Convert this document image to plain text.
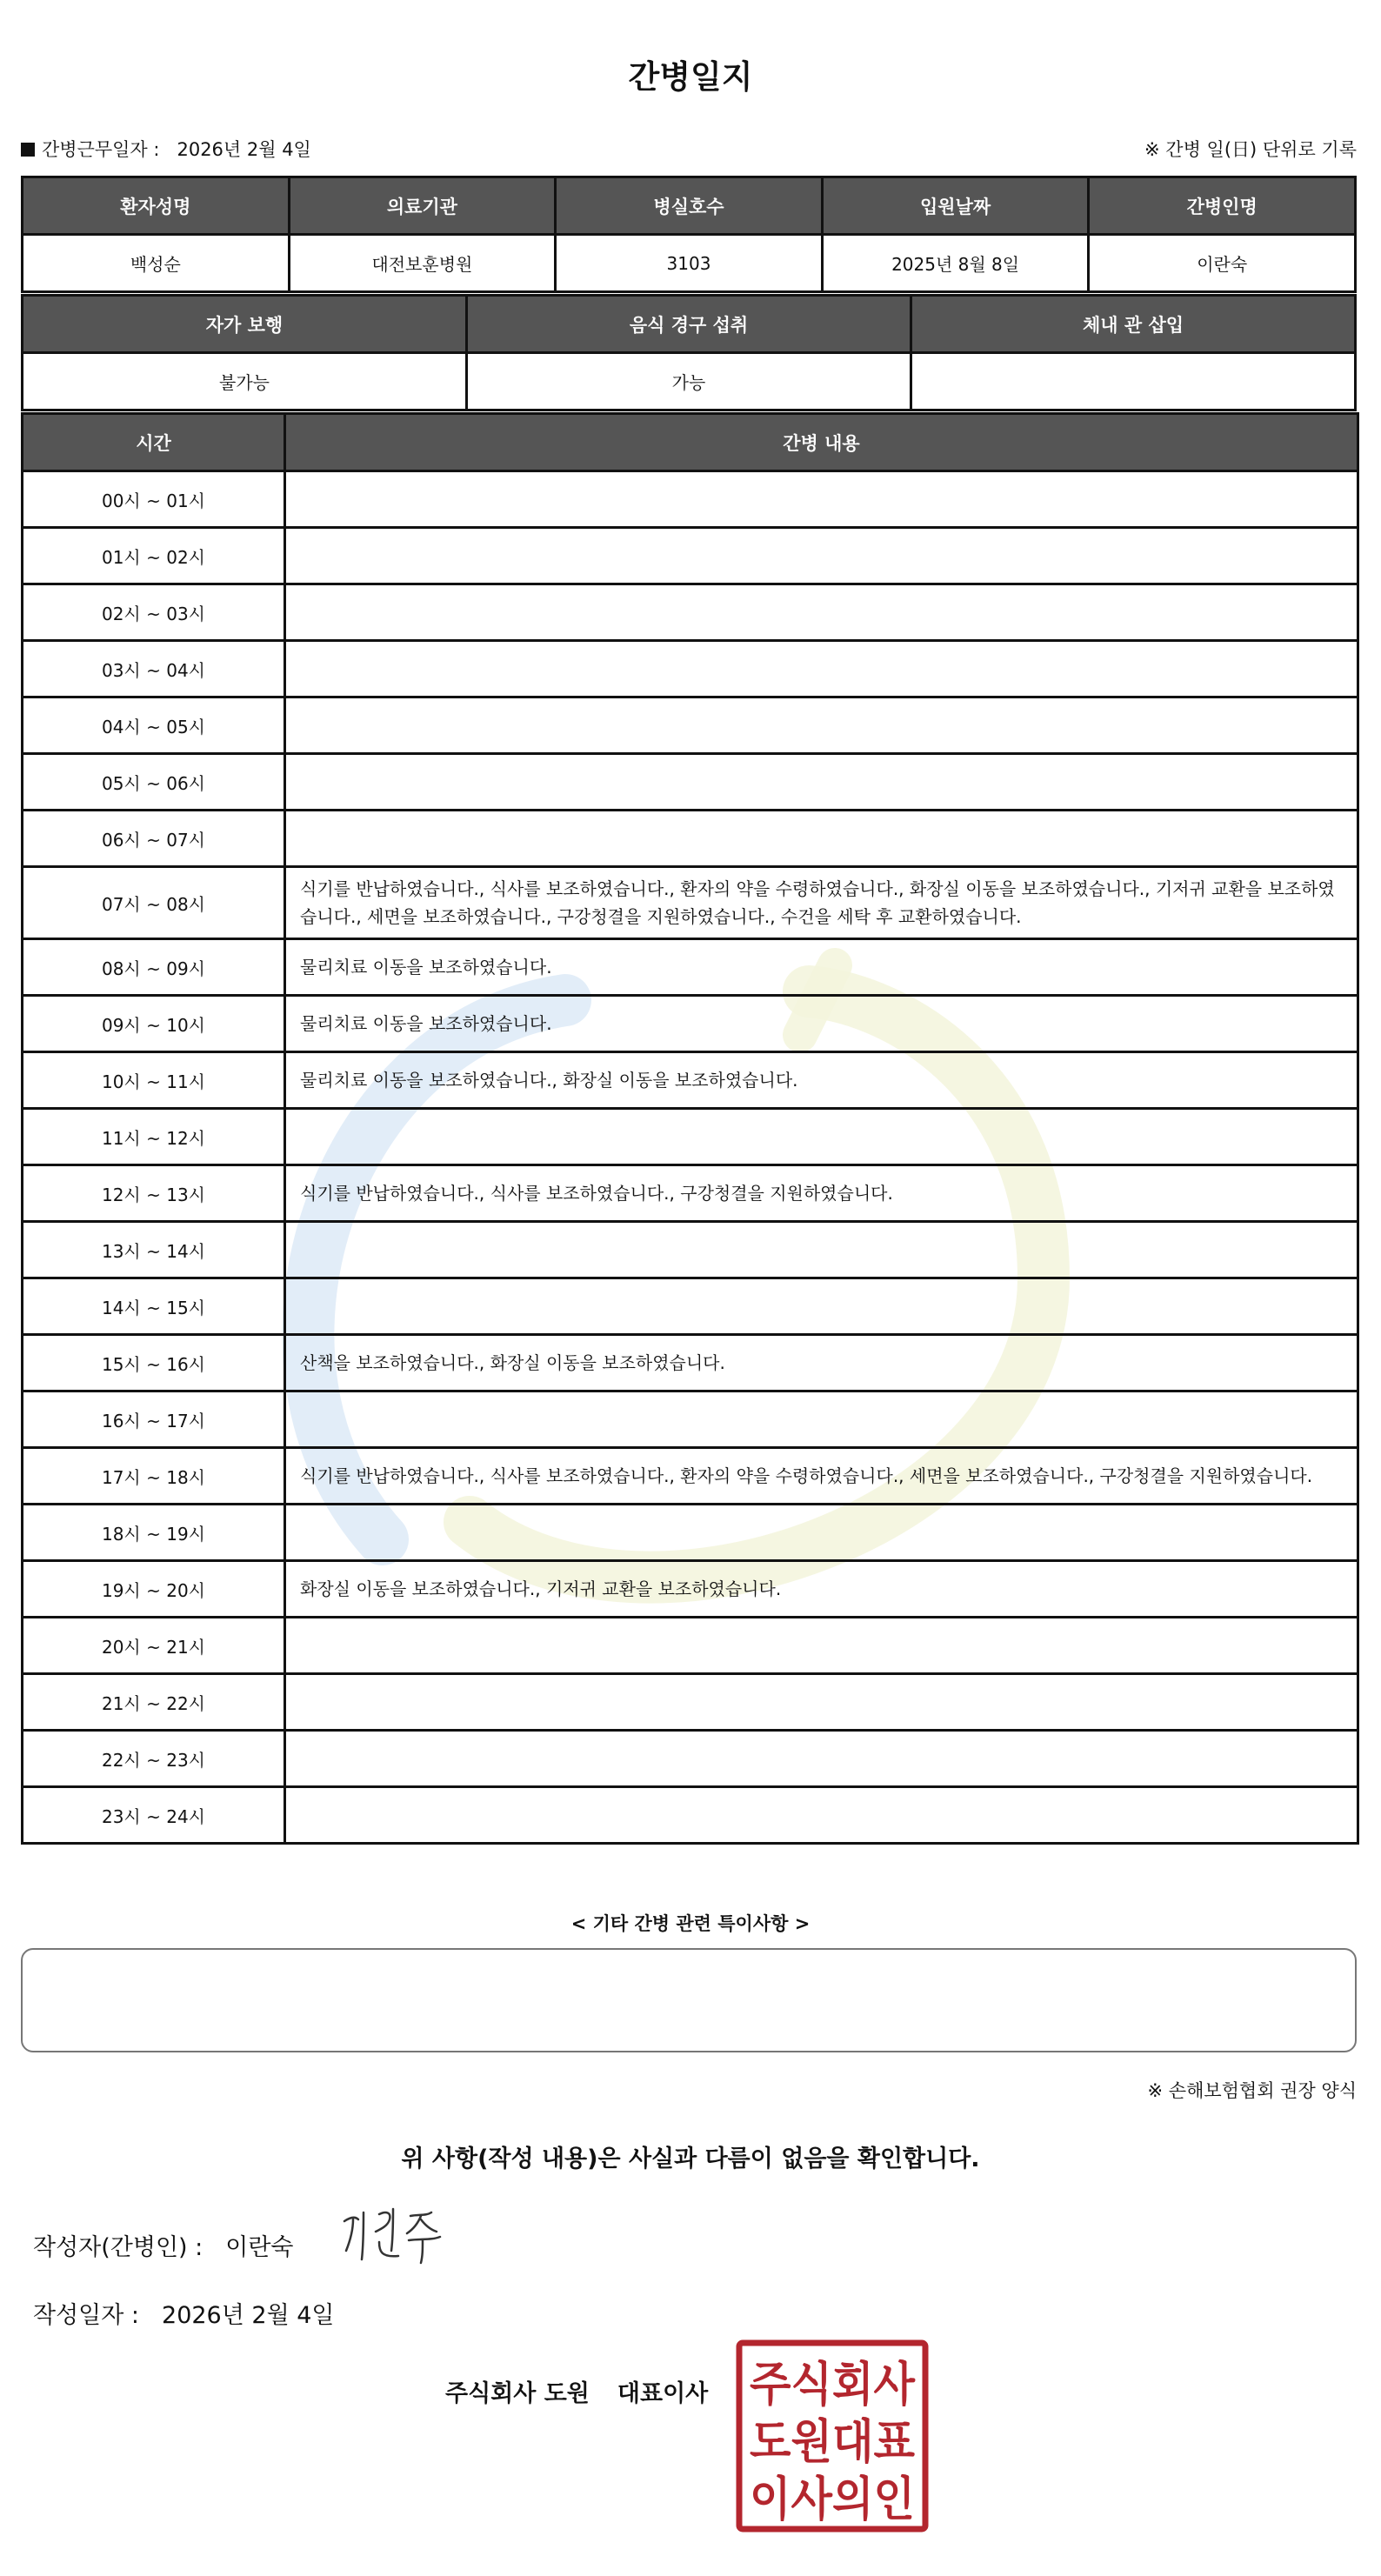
간병일지
간병근무일자 : 2026년 2월 4일	※ 간병 일(日) 단위로 기록
환자성명	의료기관	병실호수	입원날짜	간병인명
백성순	대전보훈병원	3103	2025년 8월 8일	이란숙
자가 보행	음식 경구 섭취	체내 관 삽입
불가능	가능	
시간	간병 내용
00시 ~ 01시	
01시 ~ 02시	
02시 ~ 03시	
03시 ~ 04시	
04시 ~ 05시	
05시 ~ 06시	
06시 ~ 07시	
07시 ~ 08시	식기를 반납하였습니다., 식사를 보조하였습니다., 환자의 약을 수령하였습니다., 화장실 이동을 보조하였습니다., 기저귀 교환을 보조하였습니다., 세면을 보조하였습니다., 구강청결을 지원하였습니다., 수건을 세탁 후 교환하였습니다.
08시 ~ 09시	물리치료 이동을 보조하였습니다.
09시 ~ 10시	물리치료 이동을 보조하였습니다.
10시 ~ 11시	물리치료 이동을 보조하였습니다., 화장실 이동을 보조하였습니다.
11시 ~ 12시	
12시 ~ 13시	식기를 반납하였습니다., 식사를 보조하였습니다., 구강청결을 지원하였습니다.
13시 ~ 14시	
14시 ~ 15시	
15시 ~ 16시	산책을 보조하였습니다., 화장실 이동을 보조하였습니다.
16시 ~ 17시	
17시 ~ 18시	식기를 반납하였습니다., 식사를 보조하였습니다., 환자의 약을 수령하였습니다., 세면을 보조하였습니다., 구강청결을 지원하였습니다.
18시 ~ 19시	
19시 ~ 20시	화장실 이동을 보조하였습니다., 기저귀 교환을 보조하였습니다.
20시 ~ 21시	
21시 ~ 22시	
22시 ~ 23시	
23시 ~ 24시	
< 기타 간병 관련 특이사항 >
※ 손해보험협회 권장 양식
위 사항(작성 내용)은 사실과 다름이 없음을 확인합니다.
작성자(간병인) : 이란숙
작성일자 : 2026년 2월 4일
주식회사 도원 대표이사 주식회사
도원대표
이사의인
